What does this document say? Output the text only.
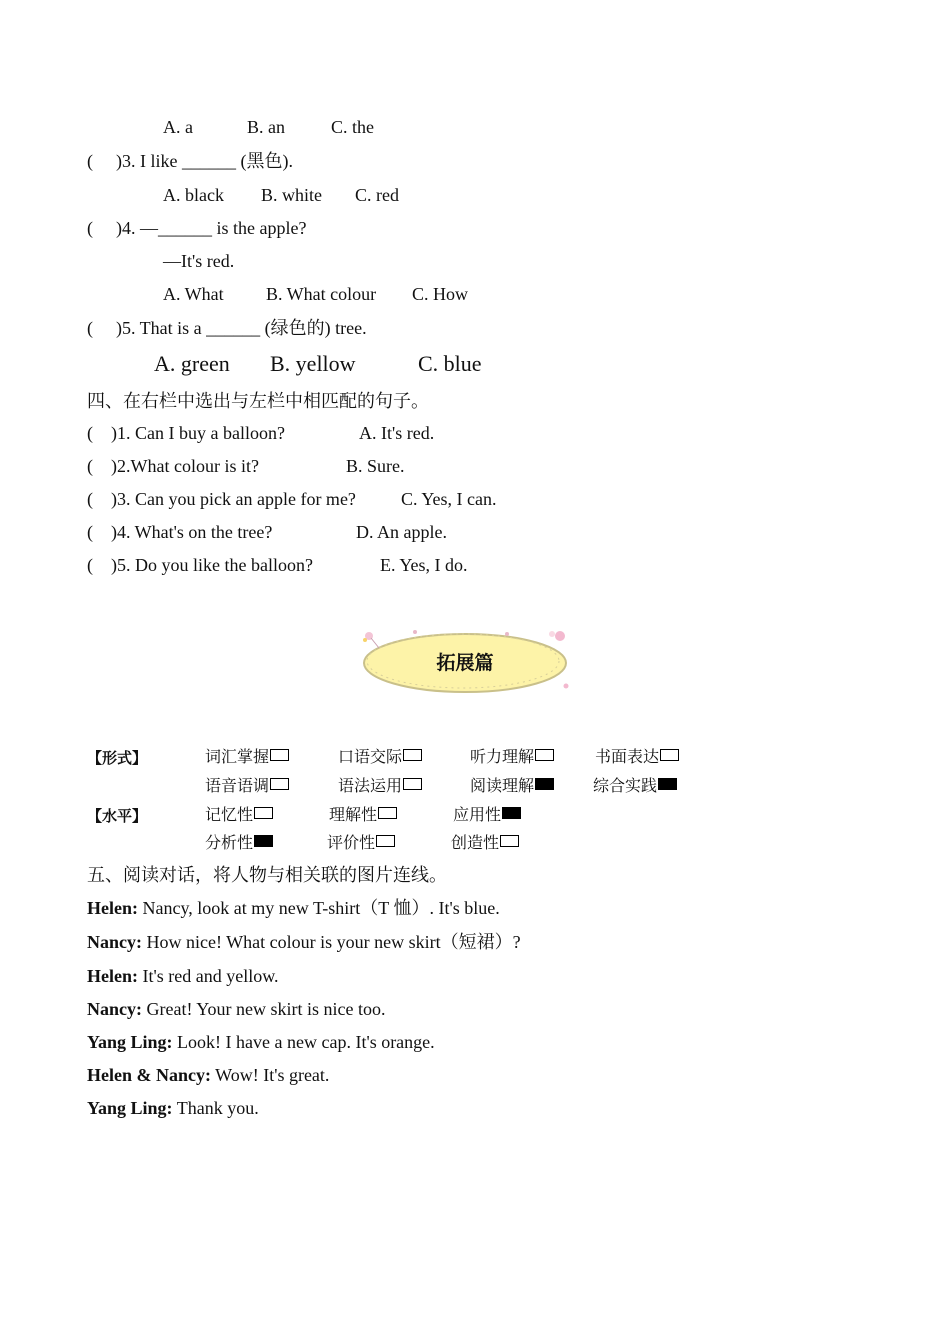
A. a	B. an	C. the
( )3. I like ______ (黑色).
A. black B. white C. red
( )4. —______ is the apple?
—It's red.
A. What B. What colour C. How
( )5. That is a ______ (绿色的) tree.
A. green B. yellow	C. blue
四、在右栏中选出与左栏中相匹配的句子。
( )1. Can I buy a balloon?	A. It's red.
( )2.What colour is it?	B. Sure.
( )3. Can you pick an apple for me?	C. Yes, I can.
( )4. What's on the tree?	D. An apple.
( )5. Do you like the balloon?	E. Yes, I do.
拓展篇
【形式】	词汇掌握	口语交际	听力理解	书面表达
语音语调	语法运用	阅读理解	综合实践
【水平】	记忆性	理解性	应用性
分析性	评价性	创造性
五、阅读对话，将人物与相关联的图片连线。
Helen: Nancy, look at my new T-shirt（T 恤）. It's blue.
Nancy: How nice! What colour is your new skirt（短裙）?
Helen: It's red and yellow.
Nancy: Great! Your new skirt is nice too.
Yang Ling: Look! I have a new cap. It's orange.
Helen & Nancy: Wow! It's great.
Yang Ling: Thank you.
